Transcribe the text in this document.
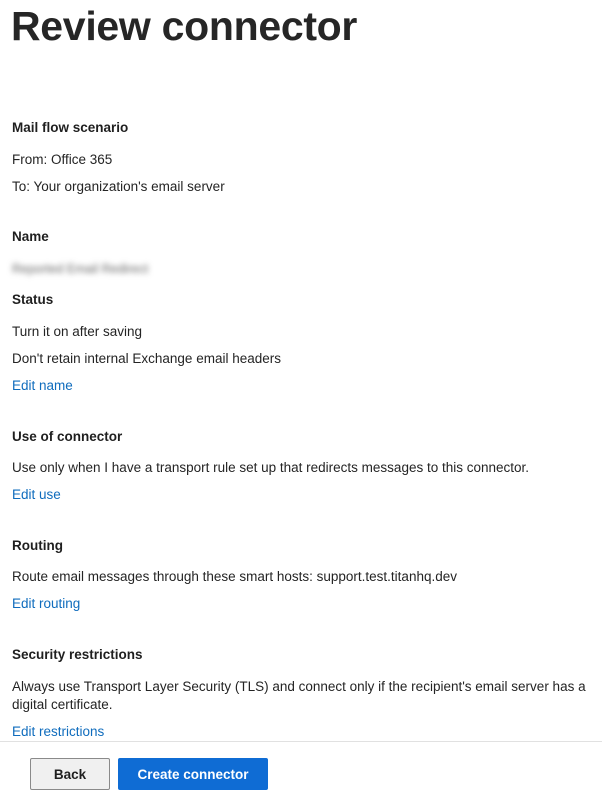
Review connector

Mail flow scenario

From: Office 365

To: Your organization's email server

Name

Reported Email Redirect

Status

Turn it on after saving

Don't retain internal Exchange email headers

Edit name

Use of connector

Use only when I have a transport rule set up that redirects messages to this connector.

Edit use

Routing

Route email messages through these smart hosts: support.test.titanhq.dev

Edit routing

Security restrictions

Always use Transport Layer Security (TLS) and connect only if the recipient's email server has a digital certificate.

Edit restrictions
Back	Create connector
